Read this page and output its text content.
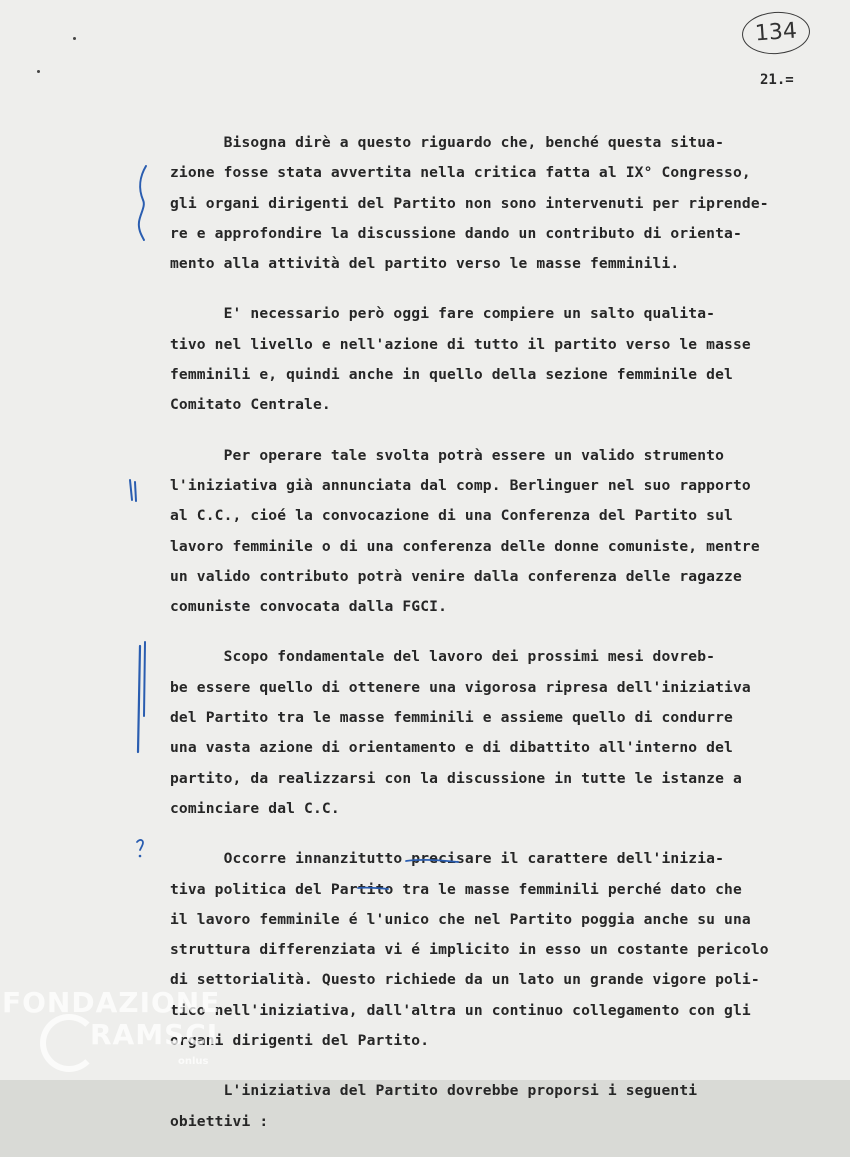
134
21.=
Bisogna dirè a questo riguardo che, benché questa situa-
zione fosse stata avvertita nella critica fatta al IX° Congresso,
gli organi dirigenti del Partito non sono intervenuti per riprende-
re e approfondire la discussione dando un contributo di orienta-
mento alla attività del partito verso le masse femminili.
E' necessario però oggi fare compiere un salto qualita-
tivo nel livello e nell'azione di tutto il partito verso le masse
femminili e, quindi anche in quello della sezione femminile del
Comitato Centrale.
Per operare tale svolta potrà essere un valido strumento
l'iniziativa già annunciata dal comp. Berlinguer nel suo rapporto
al C.C., cioé la convocazione di una Conferenza del Partito sul
lavoro femminile o di una conferenza delle donne comuniste, mentre
un valido contributo potrà venire dalla conferenza delle ragazze
comuniste convocata dalla FGCI.
Scopo fondamentale del lavoro dei prossimi mesi dovreb-
be essere quello di ottenere una vigorosa ripresa dell'iniziativa
del Partito tra le masse femminili e assieme quello di condurre
una vasta azione di orientamento e di dibattito all'interno del
partito, da realizzarsi con la discussione in tutte le istanze a
cominciare dal C.C.
Occorre innanzitutto precisare il carattere dell'inizia-
tiva politica del Partito tra le masse femminili perché dato che
il lavoro femminile é l'unico che nel Partito poggia anche su una
struttura differenziata vi é implicito in esso un costante pericolo
di settorialità. Questo richiede da un lato un grande vigore poli-
tico nell'iniziativa, dall'altra un continuo collegamento con gli
organi dirigenti del Partito.
L'iniziativa del Partito dovrebbe proporsi i seguenti
obiettivi :
FONDAZIONE
RAMSCI
onlus
